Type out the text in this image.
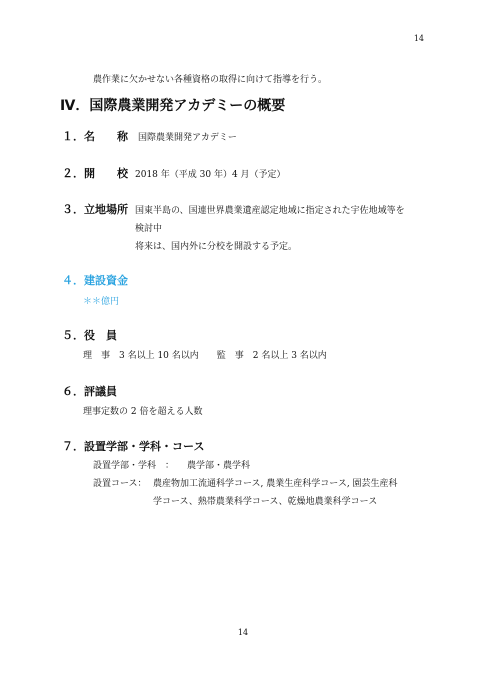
14
農作業に欠かせない各種資格の取得に向けて指導を行う。
Ⅳ．国際農業開発アカデミーの概要
１．名　　称 国際農業開発アカデミー
２．開　　校 2018 年（平成 30 年）4 月（予定）
３．立地場所 国東半島の、国連世界農業遺産認定地域に指定された宇佐地域等を
検討中
将来は、国内外に分校を開設する予定。
４．建設資金
＊＊億円
５．役　員
理　事　3 名以上 10 名以内　　監　事　2 名以上 3 名以内
６．評議員
理事定数の 2 倍を超える人数
７．設置学部・学科・コース
設置学部・学科　： 農学部・農学科
設置コース： 農産物加工流通科学コース, 農業生産科学コース, 園芸生産科
学コース、熱帯農業科学コース、乾燥地農業科学コース
14
